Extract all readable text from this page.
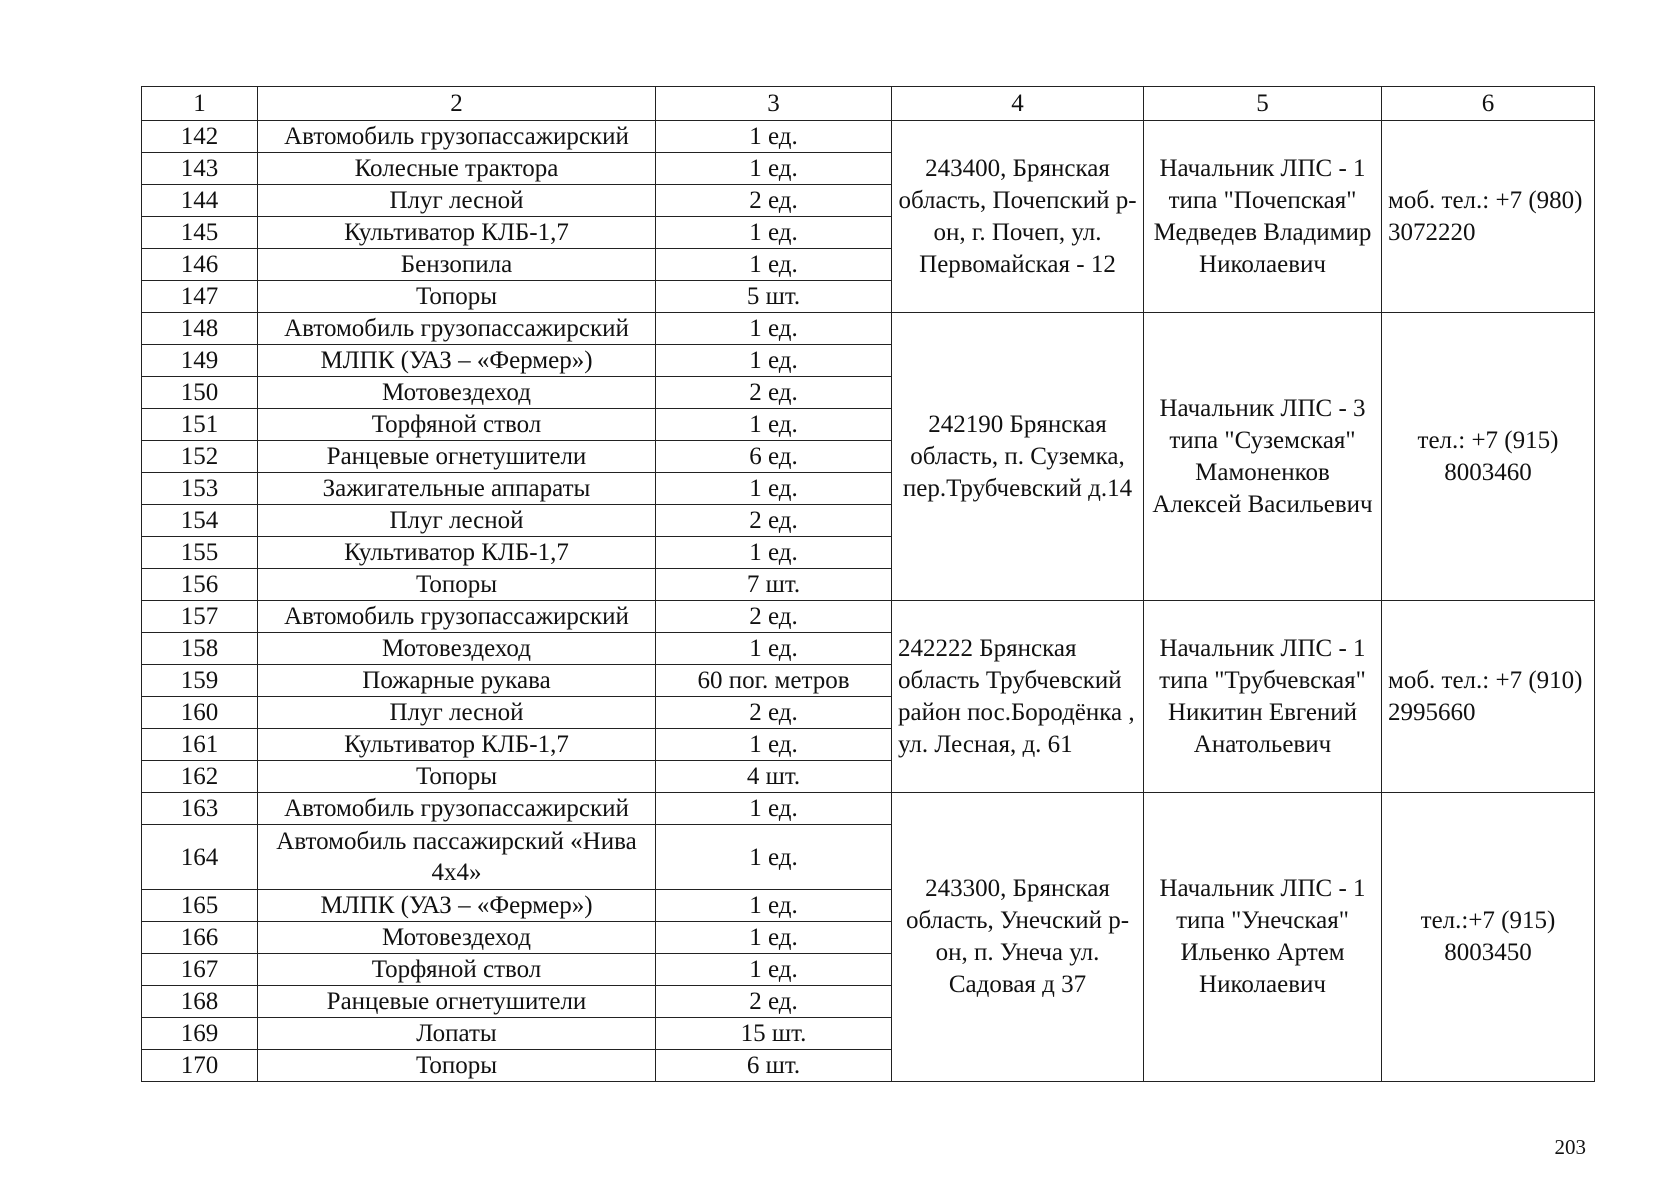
1	2	3	4	5	6
142	Автомобиль грузопассажирский	1 ед.	243400, Брянская область, Почепский р-он, г. Почеп, ул. Первомайская - 12	Начальник ЛПС - 1 типа "Почепская" Медведев Владимир Николаевич	моб. тел.: +7 (980) 3072220
143	Колесные трактора	1 ед.			
144	Плуг лесной	2 ед.			
145	Культиватор КЛБ-1,7	1 ед.			
146	Бензопила	1 ед.			
147	Топоры	5 шт.			
148	Автомобиль грузопассажирский	1 ед.	242190 Брянская область, п. Суземка, пер.Трубчевский д.14	Начальник ЛПС - 3 типа "Суземская" Мамоненков Алексей Васильевич	тел.: +7 (915) 8003460
149	МЛПК (УАЗ – «Фермер»)	1 ед.			
150	Мотовездеход	2 ед.			
151	Торфяной ствол	1 ед.			
152	Ранцевые огнетушители	6 ед.			
153	Зажигательные аппараты	1 ед.			
154	Плуг лесной	2 ед.			
155	Культиватор КЛБ-1,7	1 ед.			
156	Топоры	7 шт.			
157	Автомобиль грузопассажирский	2 ед.	242222 Брянская область Трубчевский район пос.Бородёнка , ул. Лесная, д. 61	Начальник ЛПС - 1 типа "Трубчевская" Никитин Евгений Анатольевич	моб. тел.: +7 (910) 2995660
158	Мотовездеход	1 ед.			
159	Пожарные рукава	60 пог. метров			
160	Плуг лесной	2 ед.			
161	Культиватор КЛБ-1,7	1 ед.			
162	Топоры	4 шт.			
163	Автомобиль грузопассажирский	1 ед.	243300, Брянская область, Унечский р-он, п. Унеча ул. Садовая д 37	Начальник ЛПС - 1 типа "Унечская" Ильенко Артем Николаевич	тел.:+7 (915) 8003450
164	Автомобиль пассажирский «Нива 4х4»	1 ед.			
165	МЛПК (УАЗ – «Фермер»)	1 ед.			
166	Мотовездеход	1 ед.			
167	Торфяной ствол	1 ед.			
168	Ранцевые огнетушители	2 ед.			
169	Лопаты	15 шт.			
170	Топоры	6 шт.			
203
